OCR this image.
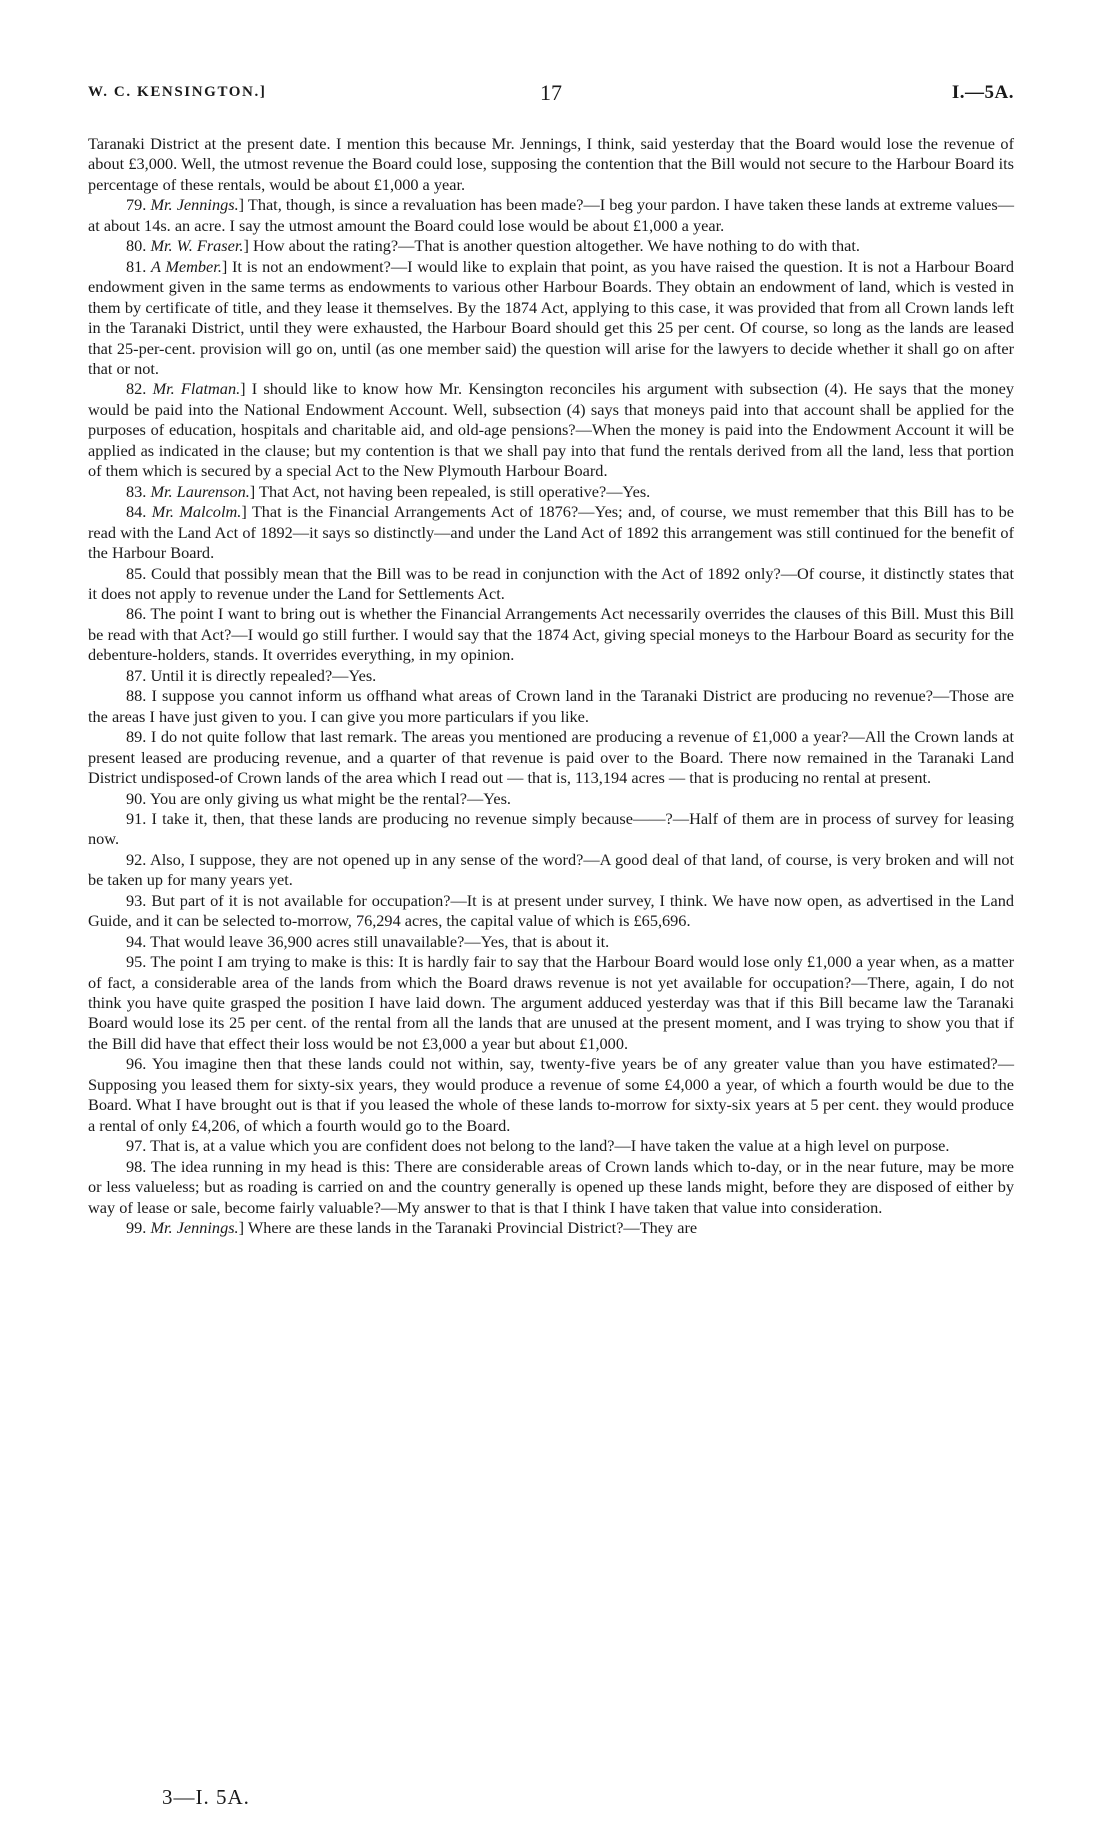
W. C. KENSINGTON.]	17	I.—5A.

Taranaki District at the present date. I mention this because Mr. Jennings, I think, said yesterday that the Board would lose the revenue of about £3,000. Well, the utmost revenue the Board could lose, supposing the contention that the Bill would not secure to the Harbour Board its percentage of these rentals, would be about £1,000 a year.

79. Mr. Jennings.] That, though, is since a revaluation has been made?—I beg your pardon. I have taken these lands at extreme values—at about 14s. an acre. I say the utmost amount the Board could lose would be about £1,000 a year.

80. Mr. W. Fraser.] How about the rating?—That is another question altogether. We have nothing to do with that.

81. A Member.] It is not an endowment?—I would like to explain that point, as you have raised the question. It is not a Harbour Board endowment given in the same terms as endowments to various other Harbour Boards. They obtain an endowment of land, which is vested in them by certificate of title, and they lease it themselves. By the 1874 Act, applying to this case, it was provided that from all Crown lands left in the Taranaki District, until they were exhausted, the Harbour Board should get this 25 per cent. Of course, so long as the lands are leased that 25-per-cent. provision will go on, until (as one member said) the question will arise for the lawyers to decide whether it shall go on after that or not.

82. Mr. Flatman.] I should like to know how Mr. Kensington reconciles his argument with subsection (4). He says that the money would be paid into the National Endowment Account. Well, subsection (4) says that moneys paid into that account shall be applied for the purposes of education, hospitals and charitable aid, and old-age pensions?—When the money is paid into the Endowment Account it will be applied as indicated in the clause; but my contention is that we shall pay into that fund the rentals derived from all the land, less that portion of them which is secured by a special Act to the New Plymouth Harbour Board.

83. Mr. Laurenson.] That Act, not having been repealed, is still operative?—Yes.

84. Mr. Malcolm.] That is the Financial Arrangements Act of 1876?—Yes; and, of course, we must remember that this Bill has to be read with the Land Act of 1892—it says so distinctly—and under the Land Act of 1892 this arrangement was still continued for the benefit of the Harbour Board.

85. Could that possibly mean that the Bill was to be read in conjunction with the Act of 1892 only?—Of course, it distinctly states that it does not apply to revenue under the Land for Settlements Act.

86. The point I want to bring out is whether the Financial Arrangements Act necessarily overrides the clauses of this Bill. Must this Bill be read with that Act?—I would go still further. I would say that the 1874 Act, giving special moneys to the Harbour Board as security for the debenture-holders, stands. It overrides everything, in my opinion.

87. Until it is directly repealed?—Yes.

88. I suppose you cannot inform us offhand what areas of Crown land in the Taranaki District are producing no revenue?—Those are the areas I have just given to you. I can give you more particulars if you like.

89. I do not quite follow that last remark. The areas you mentioned are producing a revenue of £1,000 a year?—All the Crown lands at present leased are producing revenue, and a quarter of that revenue is paid over to the Board. There now remained in the Taranaki Land District undisposed-of Crown lands of the area which I read out — that is, 113,194 acres — that is producing no rental at present.

90. You are only giving us what might be the rental?—Yes.

91. I take it, then, that these lands are producing no revenue simply because——?—Half of them are in process of survey for leasing now.

92. Also, I suppose, they are not opened up in any sense of the word?—A good deal of that land, of course, is very broken and will not be taken up for many years yet.

93. But part of it is not available for occupation?—It is at present under survey, I think. We have now open, as advertised in the Land Guide, and it can be selected to-morrow, 76,294 acres, the capital value of which is £65,696.

94. That would leave 36,900 acres still unavailable?—Yes, that is about it.

95. The point I am trying to make is this: It is hardly fair to say that the Harbour Board would lose only £1,000 a year when, as a matter of fact, a considerable area of the lands from which the Board draws revenue is not yet available for occupation?—There, again, I do not think you have quite grasped the position I have laid down. The argument adduced yesterday was that if this Bill became law the Taranaki Board would lose its 25 per cent. of the rental from all the lands that are unused at the present moment, and I was trying to show you that if the Bill did have that effect their loss would be not £3,000 a year but about £1,000.

96. You imagine then that these lands could not within, say, twenty-five years be of any greater value than you have estimated?—Supposing you leased them for sixty-six years, they would produce a revenue of some £4,000 a year, of which a fourth would be due to the Board. What I have brought out is that if you leased the whole of these lands to-morrow for sixty-six years at 5 per cent. they would produce a rental of only £4,206, of which a fourth would go to the Board.

97. That is, at a value which you are confident does not belong to the land?—I have taken the value at a high level on purpose.

98. The idea running in my head is this: There are considerable areas of Crown lands which to-day, or in the near future, may be more or less valueless; but as roading is carried on and the country generally is opened up these lands might, before they are disposed of either by way of lease or sale, become fairly valuable?—My answer to that is that I think I have taken that value into consideration.

99. Mr. Jennings.] Where are these lands in the Taranaki Provincial District?—They are

3—I. 5A.
